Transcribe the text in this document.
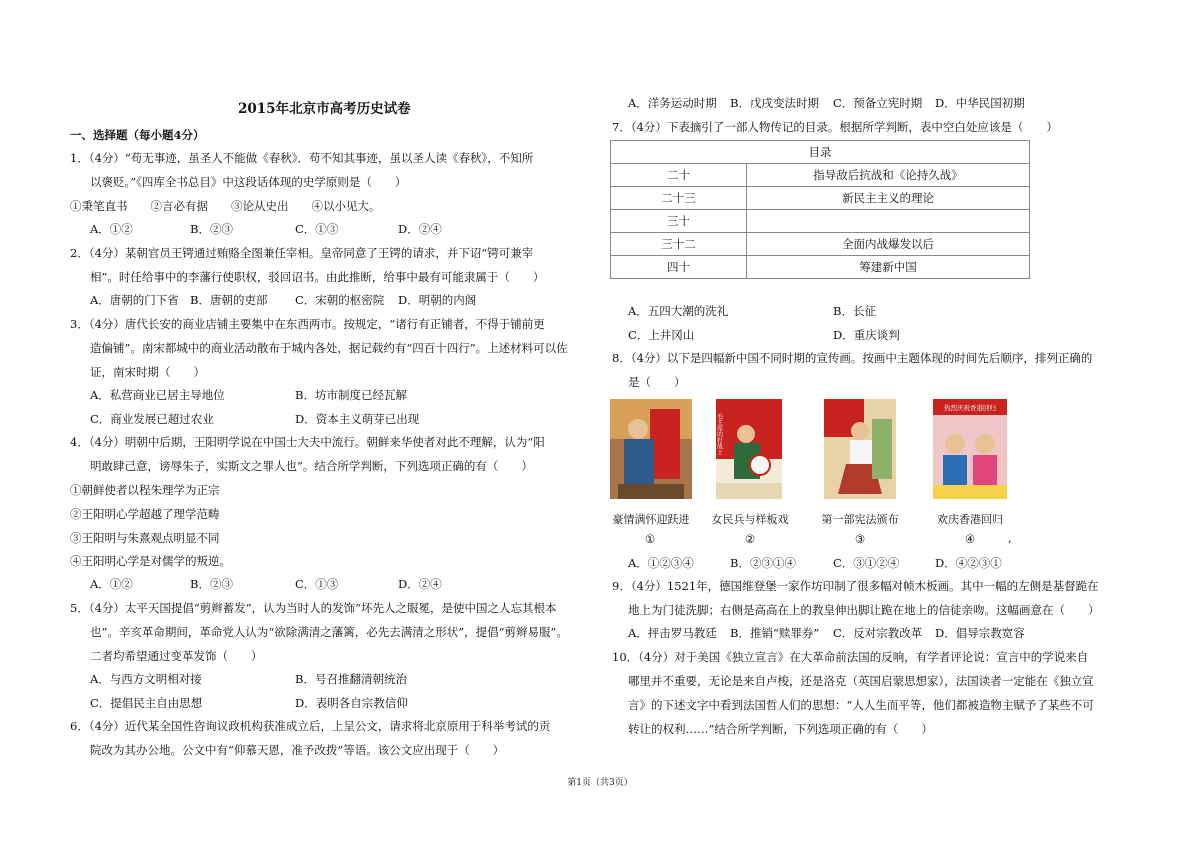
2015年北京市高考历史试卷
一、选择题（每小题4分）
1．（4分）“苟无事迹，虽圣人不能做《春秋》．苟不知其事迹，虽以圣人读《春秋》，不知所
以褒贬。”《四库全书总目》中这段话体现的史学原则是（　　）
①秉笔直书　　②言必有据　　③论从史出　　④以小见大。
A．①②	B．②③	C．①③	D．②④
2．（4分）某朝官员王锷通过贿赂全图兼任宰相。皇帝同意了王锷的请求，并下诏“锷可兼宰
相”。时任给事中的李藩行使职权，驳回诏书。由此推断，给事中最有可能隶属于（　　）
A．唐朝的门下省 B．唐朝的吏部 C．宋朝的枢密院 D．明朝的内阁
3．（4分）唐代长安的商业店铺主要集中在东西两市。按规定，“诸行有正铺者，不得于铺前更
造偏铺”。南宋都城中的商业活动散布于城内各处，据记载约有“四百十四行”。上述材料可以佐
证，南宋时期（　　）
A．私营商业已居主导地位	B．坊市制度已经瓦解
C．商业发展已超过农业	D．资本主义萌芽已出现
4．（4分）明朝中后期，王阳明学说在中国士大夫中流行。朝鲜来华使者对此不理解，认为“阳
明敢肆己意，谤辱朱子，实斯文之罪人也”。结合所学判断，下列选项正确的有（　　）
①朝鲜使者以程朱理学为正宗
②王阳明心学超越了理学范畴
③王阳明与朱熹观点明显不同
④王阳明心学是对儒学的叛逆。
A．①②	B．②③	C．①③	D．②④
5．（4分）太平天国提倡“剪辫蓄发”，认为当时人的发饰“坏先人之服冕，是使中国之人忘其根本
也”。辛亥革命期间，革命党人认为“欲除满清之藩篱，必先去满清之形状”，提倡“剪辫易服”。
二者均希望通过变革发饰（　　）
A．与西方文明相对接	B．号召推翻清朝统治
C．提倡民主自由思想	D．表明各自宗教信仰
6．（4分）近代某全国性咨询议政机构获准成立后，上呈公文，请求将北京原用于科举考试的贡
院改为其办公地。公文中有“仰慕天恩，准予改拨”等语。该公文应出现于（　　）
A．洋务运动时期 B．戊戌变法时期 C．预备立宪时期 D．中华民国初期
7．（4分）下表摘引了一部人物传记的目录。根据所学判断，表中空白处应该是（　　）
目录	
二十	指导敌后抗战和《论持久战》
二十三	新民主主义的理论
三十	
三十二	全面内战爆发以后
四十	筹建新中国
A．五四大潮的洗礼	B．长征
C．上井冈山	D．重庆谈判
8．（4分）以下是四幅新中国不同时期的宣传画。按画中主题体现的时间先后顺序，排列正确的
是（　　）
毛主席的好战士
热烈庆祝香港回归
豪情满怀迎跃进 女民兵与样板戏	第一部宪法颁布	欢庆香港回归
①	②	③	④	,
A．①②③④	B．②③①④	C．③①②④	D．④②③①
9．（4分）1521年，德国维登堡一家作坊印制了很多幅对帧木板画。其中一幅的左侧是基督跪在
地上为门徒洗脚；右侧是高高在上的教皇伸出脚让跪在地上的信徒亲吻。这幅画意在（　　）
A．抨击罗马教廷 B．推销“赎罪券” C．反对宗教改革 D．倡导宗教宽容
10．（4分）对于美国《独立宣言》在大革命前法国的反响，有学者评论说：宣言中的学说来自
哪里并不重要，无论是来自卢梭，还是洛克（英国启蒙思想家），法国读者一定能在《独立宣
言》的下述文字中看到法国哲人们的思想：“人人生而平等，他们都被造物主赋予了某些不可
转让的权利……”结合所学判断，下列选项正确的有（　　）
第1页（共3页）
